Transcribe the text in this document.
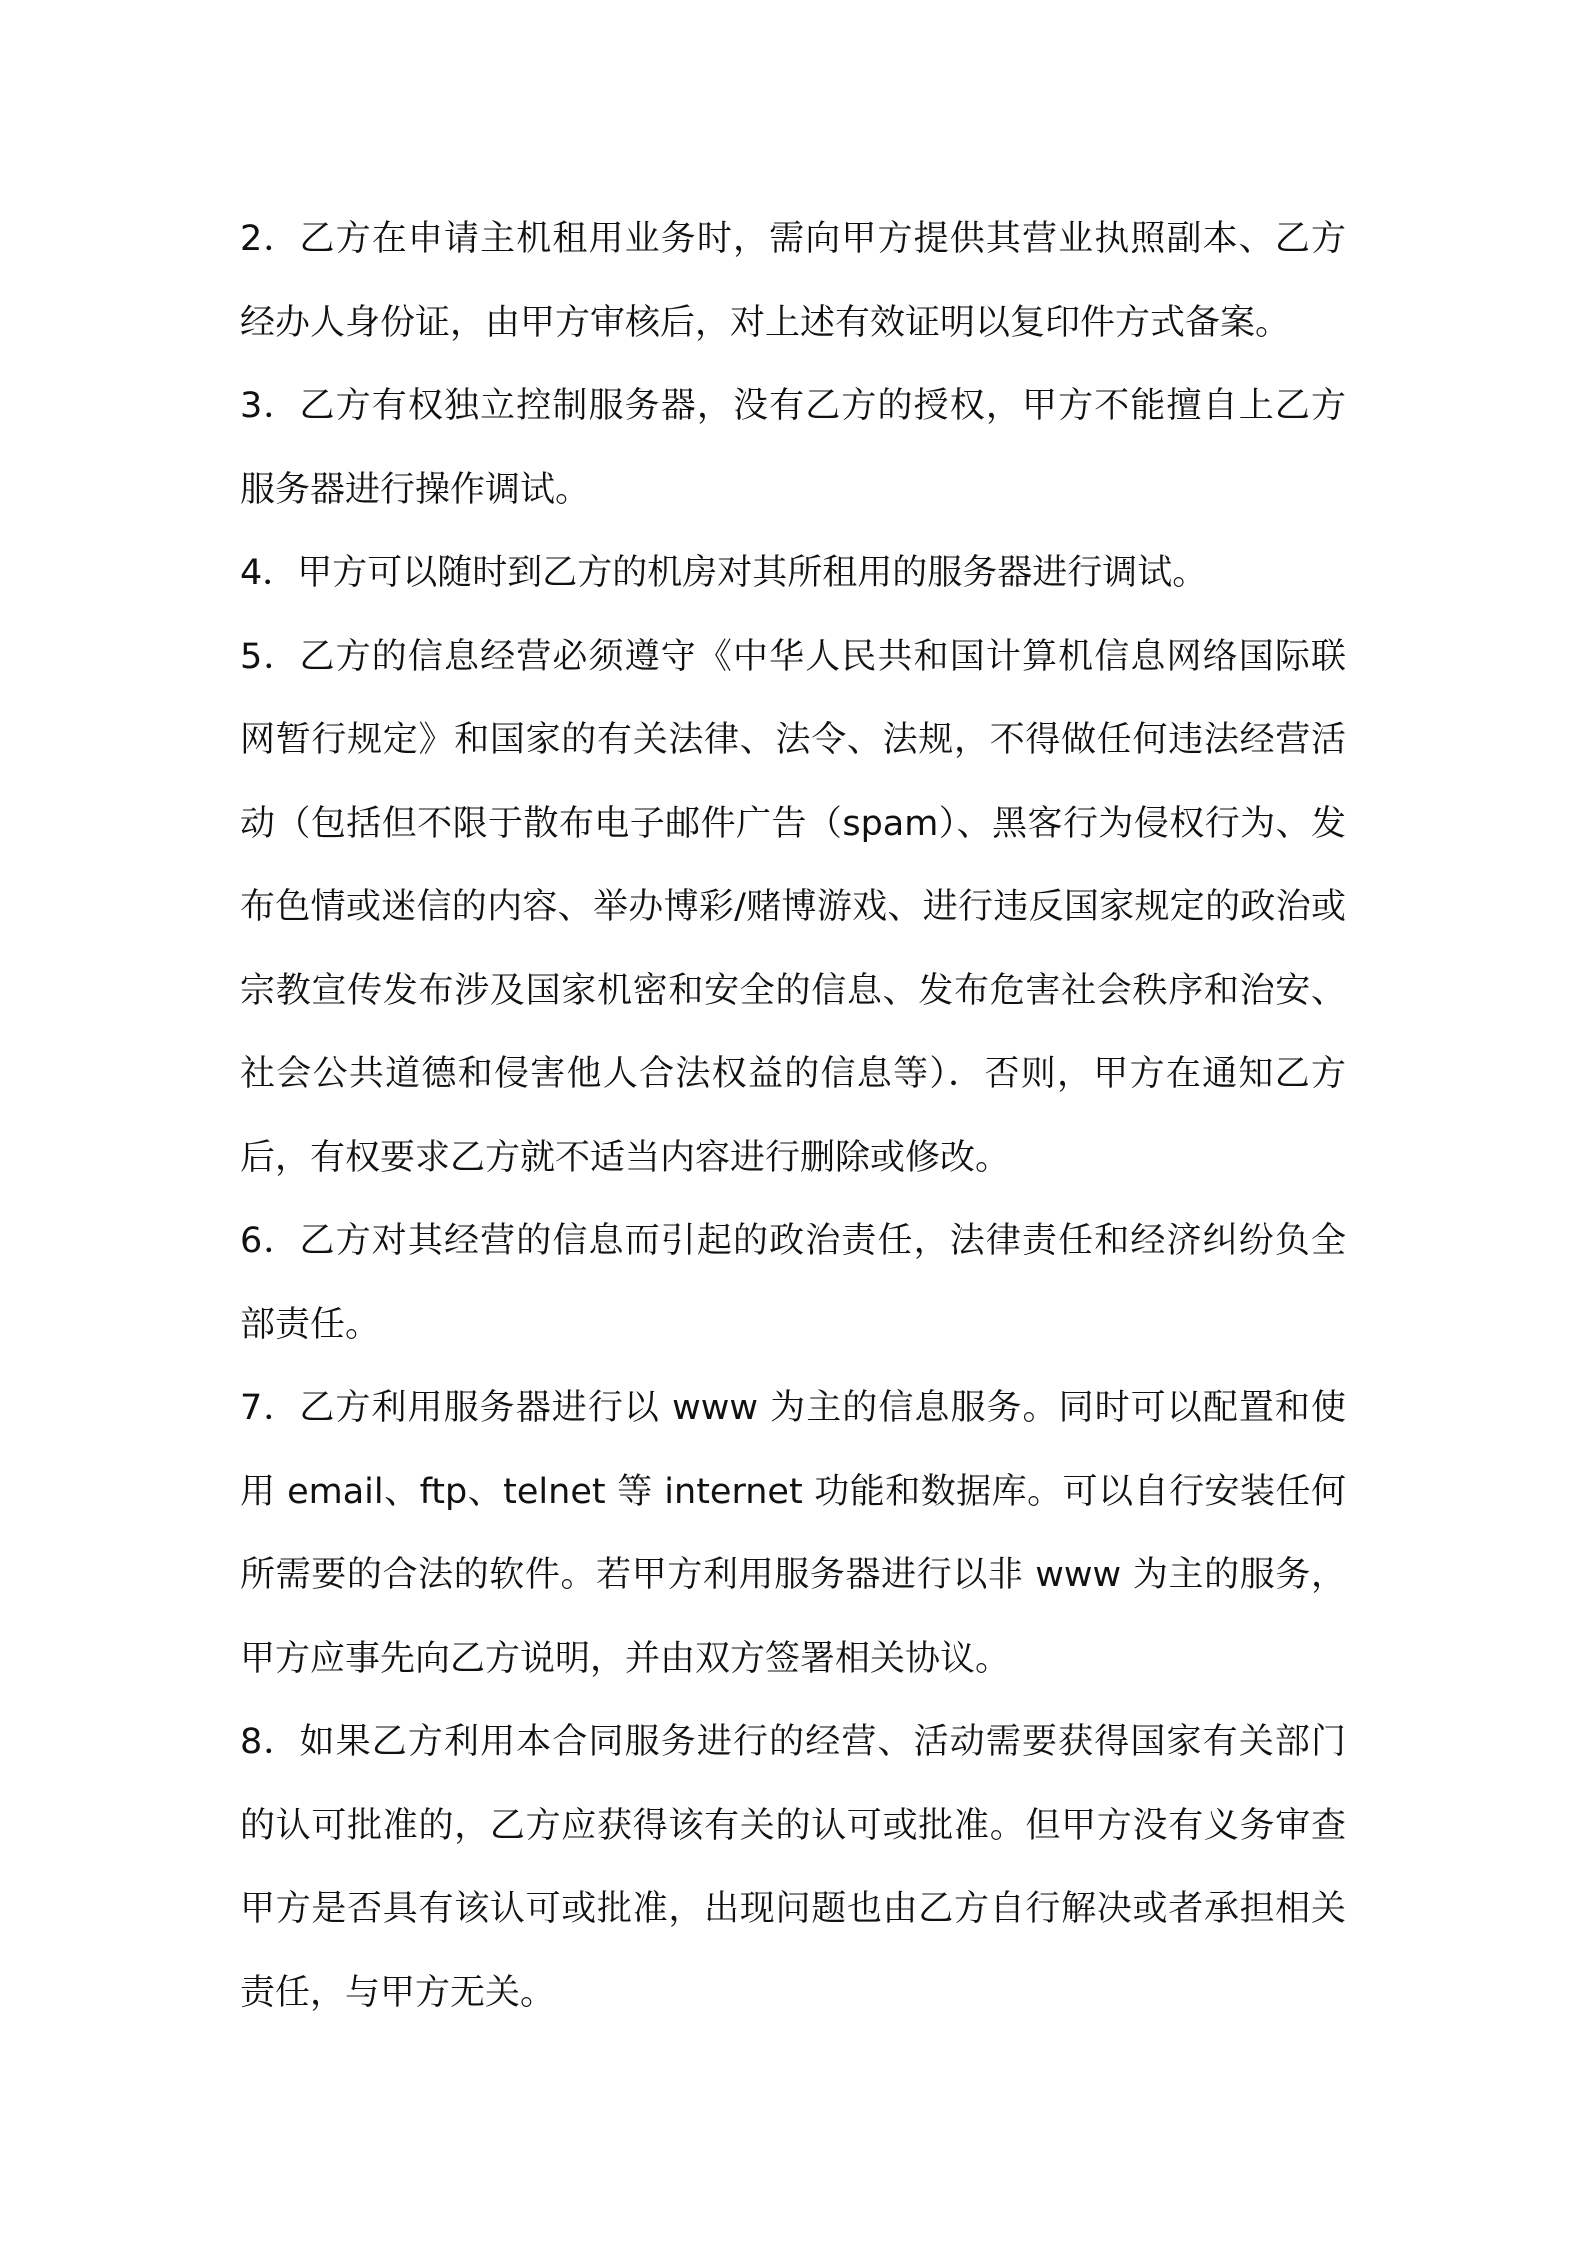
2．乙方在申请主机租用业务时，需向甲方提供其营业执照副本、乙方经办人身份证，由甲方审核后，对上述有效证明以复印件方式备案。

3．乙方有权独立控制服务器，没有乙方的授权，甲方不能擅自上乙方服务器进行操作调试。

4．甲方可以随时到乙方的机房对其所租用的服务器进行调试。

5．乙方的信息经营必须遵守《中华人民共和国计算机信息网络国际联网暂行规定》和国家的有关法律、法令、法规，不得做任何违法经营活动（包括但不限于散布电子邮件广告（spam）、黑客行为侵权行为、发布色情或迷信的内容、举办博彩/赌博游戏、进行违反国家规定的政治或宗教宣传发布涉及国家机密和安全的信息、发布危害社会秩序和治安、社会公共道德和侵害他人合法权益的信息等）．否则，甲方在通知乙方后，有权要求乙方就不适当内容进行删除或修改。

6．乙方对其经营的信息而引起的政治责任，法律责任和经济纠纷负全部责任。

7．乙方利用服务器进行以 www 为主的信息服务。同时可以配置和使用 email、ftp、telnet 等 internet 功能和数据库。可以自行安装任何所需要的合法的软件。若甲方利用服务器进行以非 www 为主的服务，甲方应事先向乙方说明，并由双方签署相关协议。

8．如果乙方利用本合同服务进行的经营、活动需要获得国家有关部门的认可批准的，乙方应获得该有关的认可或批准。但甲方没有义务审查甲方是否具有该认可或批准，出现问题也由乙方自行解决或者承担相关责任，与甲方无关。
